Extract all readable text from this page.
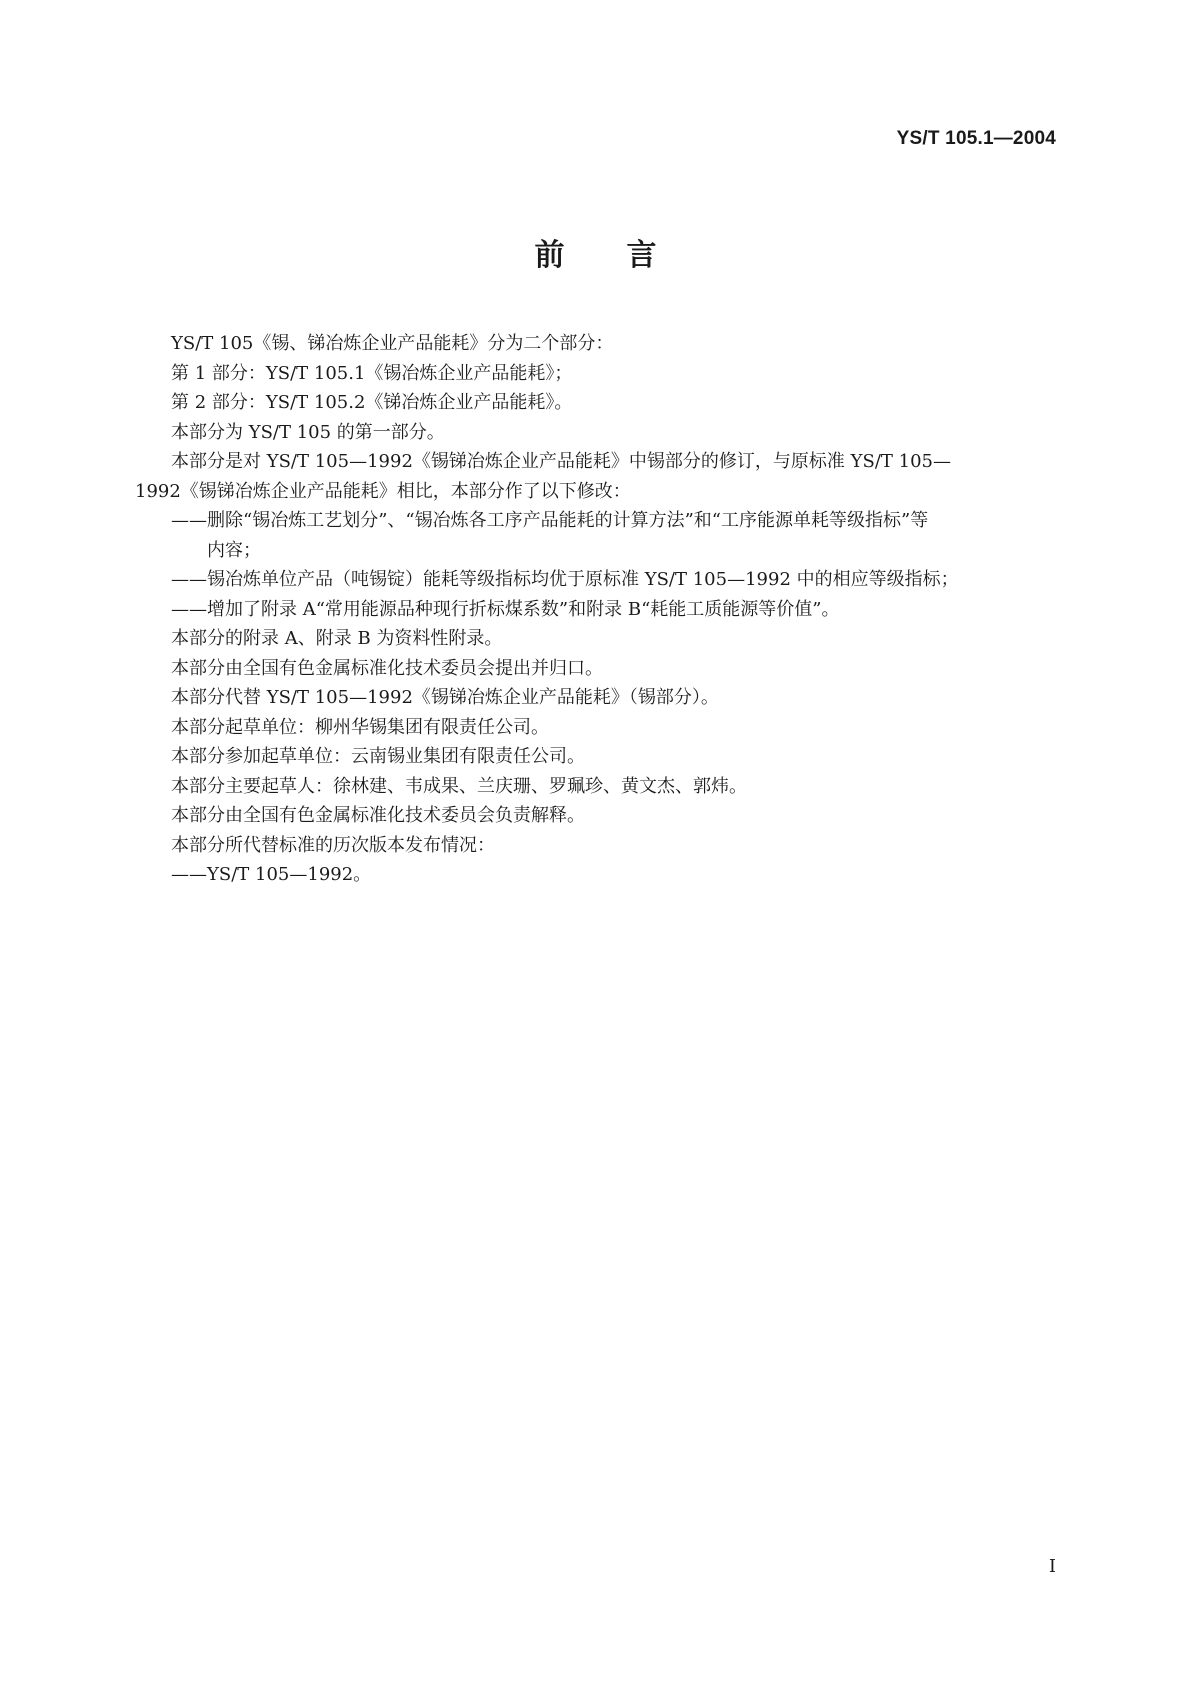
YS/T 105.1—2004
前 言

YS/T 105《锡、锑冶炼企业产品能耗》分为二个部分：

第 1 部分：YS/T 105.1《锡冶炼企业产品能耗》；

第 2 部分：YS/T 105.2《锑冶炼企业产品能耗》。

本部分为 YS/T 105 的第一部分。

本部分是对 YS/T 105—1992《锡锑冶炼企业产品能耗》中锡部分的修订，与原标准 YS/T 105—
1992《锡锑冶炼企业产品能耗》相比，本部分作了以下修改：
——删除“锡冶炼工艺划分”、“锡冶炼各工序产品能耗的计算方法”和“工序能源单耗等级指标”等
内容；

——锡冶炼单位产品（吨锡锭）能耗等级指标均优于原标准 YS/T 105—1992 中的相应等级指标；

——增加了附录 A“常用能源品种现行折标煤系数”和附录 B“耗能工质能源等价值”。

本部分的附录 A、附录 B 为资料性附录。

本部分由全国有色金属标准化技术委员会提出并归口。

本部分代替 YS/T 105—1992《锡锑冶炼企业产品能耗》（锡部分）。

本部分起草单位：柳州华锡集团有限责任公司。

本部分参加起草单位：云南锡业集团有限责任公司。

本部分主要起草人：徐林建、韦成果、兰庆珊、罗珮珍、黄文杰、郭炜。

本部分由全国有色金属标准化技术委员会负责解释。

本部分所代替标准的历次版本发布情况：

——YS/T 105—1992。

I
